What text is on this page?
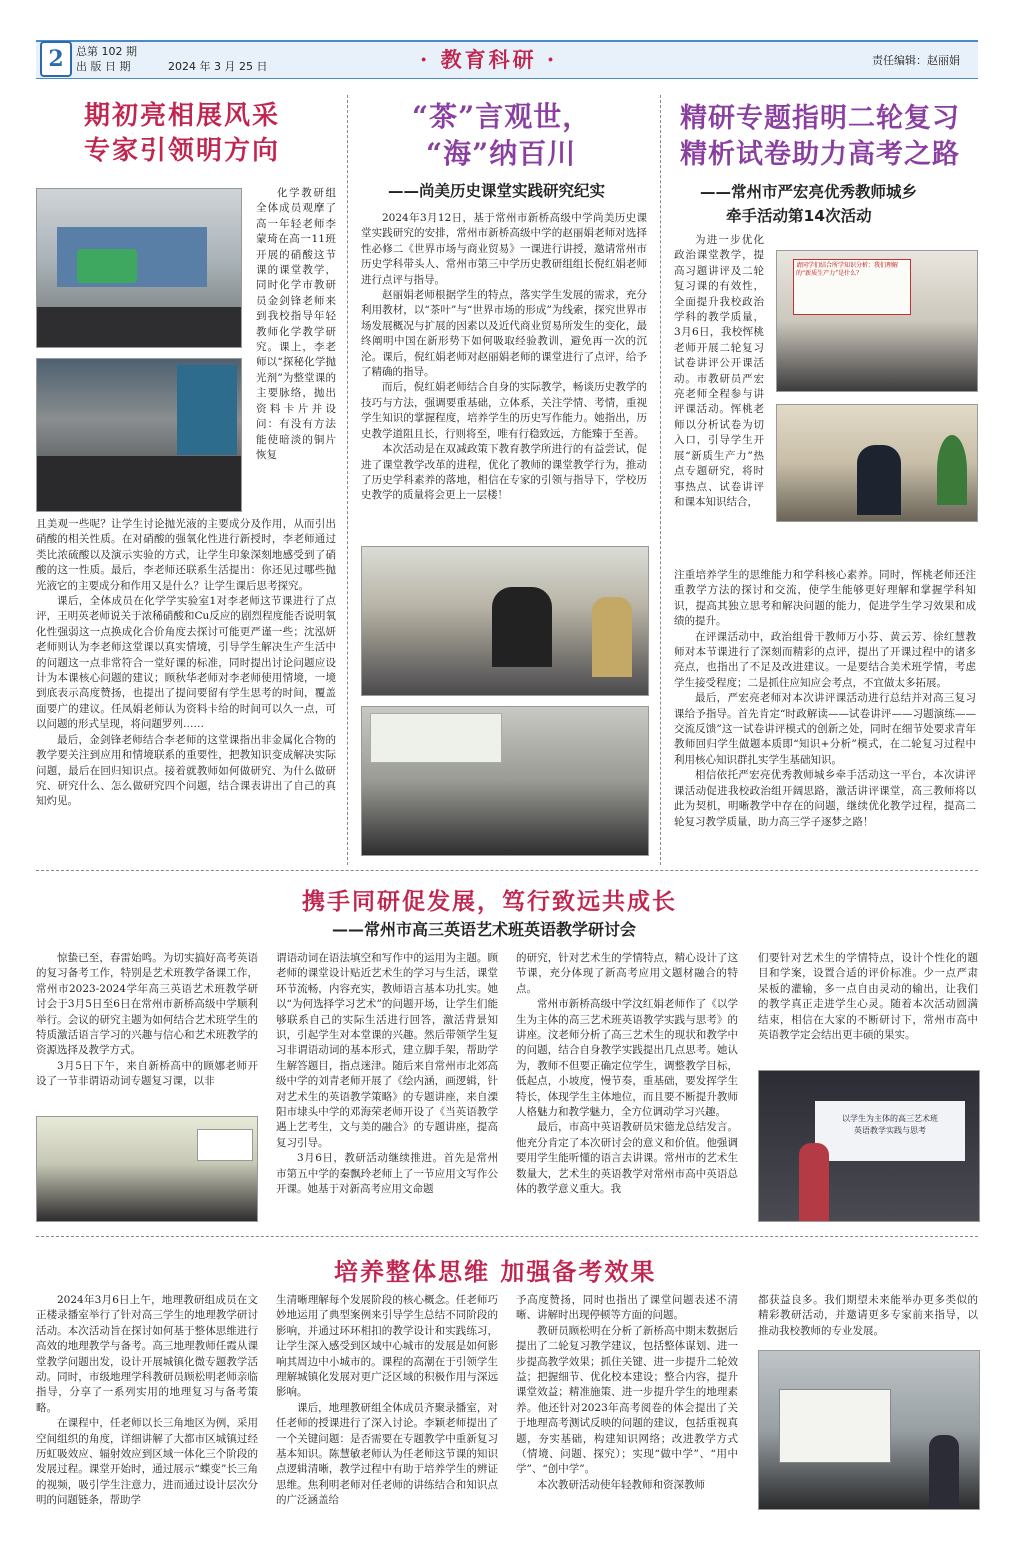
2	总第 102 期
出 版 日 期	2024 年 3 月 25 日	· 教育科研 ·	责任编辑：赵丽娟
期初亮相展风采
专家引领明方向

化学教研组全体成员观摩了高一年轻老师李蒙琦在高一11班开展的硝酸这节课的课堂教学，同时化学市教研员金剑锋老师来到我校指导年轻教师化学教学研究。课上，李老师以“探秘化学抛光剂”为整堂课的主要脉络，抛出资料卡片并设问：有没有方法能使暗淡的铜片恢复

且美观一些呢？让学生讨论抛光液的主要成分及作用，从而引出硝酸的相关性质。在对硝酸的强氧化性进行新授时，李老师通过类比浓硫酸以及演示实验的方式，让学生印象深刻地感受到了硝酸的这一性质。最后，李老师还联系生活提出：你还见过哪些抛光液它的主要成分和作用又是什么？让学生课后思考探究。

课后，全体成员在化学学实验室1对李老师这节课进行了点评，王明英老师说关于浓稀硝酸和Cu反应的剧烈程度能否说明氧化性强弱这一点换成化合价角度去探讨可能更严谨一些；沈泓妍老师则认为李老师这堂课以真实情境，引导学生解决生产生活中的问题这一点非常符合一堂好课的标准，同时提出讨论问题应设计为本课核心问题的建议；顾秋华老师对李老师使用情境，一境到底表示高度赞扬，也提出了提问要留有学生思考的时间，覆盖面要广的建议。任凤娟老师认为资料卡给的时间可以久一点，可以问题的形式呈现，将问题罗列……

最后，金剑锋老师结合李老师的这堂课指出非金属化合物的教学要关注到应用和情境联系的重要性，把教知识变成解决实际问题，最后在回归知识点。接着就教师如何做研究、为什么做研究、研究什么、怎么做研究四个问题，结合课表讲出了自己的真知灼见。

“茶”言观世，
“海”纳百川
——尚美历史课堂实践研究纪实

2024年3月12日，基于常州市新桥高级中学尚美历史课堂实践研究的安排，常州市新桥高级中学的赵丽娟老师对选择性必修二《世界市场与商业贸易》一课进行讲授，邀请常州市历史学科带头人、常州市第三中学历史教研组组长倪红娟老师进行点评与指导。

赵丽娟老师根据学生的特点，落实学生发展的需求，充分利用教材，以“茶叶”与“世界市场的形成”为线索，探究世界市场发展概况与扩展的因素以及近代商业贸易所发生的变化，最终阐明中国在新形势下如何吸取经验教训，避免再一次的沉沦。课后，倪红娟老师对赵丽娟老师的课堂进行了点评，给予了精确的指导。

而后，倪红娟老师结合自身的实际教学，畅谈历史教学的技巧与方法，强调要重基础，立体系，关注学情、考情，重视学生知识的掌握程度，培养学生的历史写作能力。她指出，历史教学道阻且长，行则将至，唯有行稳致远，方能臻于至善。

本次活动是在双减政策下教育教学所进行的有益尝试，促进了课堂教学改革的进程，优化了教师的课堂教学行为，推动了历史学科素养的落地，相信在专家的引领与指导下，学校历史教学的质量将会更上一层楼！

精研专题指明二轮复习
精析试卷助力高考之路
——常州市严宏亮优秀教师城乡
牵手活动第14次活动

为进一步优化政治课堂教学，提高习题讲评及二轮复习课的有效性，全面提升我校政治学科的教学质量，3月6日，我校恽桃老师开展二轮复习试卷讲评公开课活动。市教研员严宏亮老师全程参与讲评课活动。恽桃老师以分析试卷为切入口，引导学生开展“新质生产力”热点专题研究，将时事热点、试卷讲评和课本知识结合，

请同学们结合所学知识分析：我们理解的“新质生产力”是什么？

注重培养学生的思维能力和学科核心素养。同时，恽桃老师还注重教学方法的探讨和交流，使学生能够更好理解和掌握学科知识，提高其独立思考和解决问题的能力，促进学生学习效果和成绩的提升。

在评课活动中，政治组骨干教师万小芬、黄云芳、徐红慧教师对本节课进行了深刻而精彩的点评，提出了开课过程中的诸多亮点，也指出了不足及改进建议。一是要结合美术班学情，考虑学生接受程度；二是抓住应知应会考点，不宜做太多拓展。

最后，严宏亮老师对本次讲评课活动进行总结并对高三复习课给予指导。首先肯定“时政解读——试卷讲评——习题演练——交流反馈”这一试卷讲评模式的创新之处，同时在细节处要求青年教师回归学生做题本质即“知识+分析”模式，在二轮复习过程中利用核心知识群扎实学生基础知识。

相信依托严宏亮优秀教师城乡牵手活动这一平台，本次讲评课活动促进我校政治组开阔思路，激活讲评课堂，高三教师将以此为契机，明晰教学中存在的问题，继续优化教学过程，提高二轮复习教学质量，助力高三学子逐梦之路！

携手同研促发展，笃行致远共成长
——常州市高三英语艺术班英语教学研讨会

惊蛰已至，春雷始鸣。为切实搞好高考英语的复习备考工作，特别是艺术班教学备课工作，常州市2023-2024学年高三英语艺术班教学研讨会于3月5日至6日在常州市新桥高级中学顺利举行。会议的研究主题为如何结合艺术班学生的特质激活语言学习的兴趣与信心和艺术班教学的资源选择及教学方式。

3月5日下午，来自新桥高中的顾娜老师开设了一节非谓语动词专题复习课，以非

谓语动词在语法填空和写作中的运用为主题。顾老师的课堂设计贴近艺术生的学习与生活，课堂环节流畅，内容充实，教师语言基本功扎实。她以“为何选择学习艺术”的问题开场，让学生们能够联系自己的实际生活进行回答，激活背景知识，引起学生对本堂课的兴趣。然后带领学生复习非谓语动词的基本形式，建立脚手架，帮助学生解答题目，指点迷津。随后来自常州市北郊高级中学的刘青老师开展了《绘内涵，画逻辑，针对艺术生的英语教学策略》的专题讲座，来自溧阳市埭头中学的邓海荣老师开设了《当英语教学遇上艺考生，文与美的融合》的专题讲座，提高复习引导。

3月6日，教研活动继续推进。首先是常州市第五中学的秦飘玲老师上了一节应用文写作公开课。她基于对新高考应用文命题

的研究，针对艺术生的学情特点，精心设计了这节课，充分体现了新高考应用文题材融合的特点。

常州市新桥高级中学汶红娟老师作了《以学生为主体的高三艺术班英语教学实践与思考》的讲座。汶老师分析了高三艺术生的现状和教学中的问题，结合自身教学实践提出几点思考。她认为，教师不但要正确定位学生，调整教学目标，低起点，小坡度，慢节奏，重基础，要发挥学生特长，体现学生主体地位，而且要不断提升教师人格魅力和教学魅力，全方位调动学习兴趣。

最后，市高中英语教研员宋德龙总结发言。他充分肯定了本次研讨会的意义和价值。他强调要用学生能听懂的语言去讲课。常州市的艺术生数量大，艺术生的英语教学对常州市高中英语总体的教学意义重大。我

们要针对艺术生的学情特点，设计个性化的题目和学案，设置合适的评价标准。少一点严肃呆板的灌输，多一点自由灵动的输出，让我们的教学真正走进学生心灵。随着本次活动圆满结束，相信在大家的不断研讨下，常州市高中英语教学定会结出更丰硕的果实。

以学生为主体的高三艺术班
英语教学实践与思考
培养整体思维 加强备考效果

2024年3月6日上午，地理教研组成员在文正楼录播室举行了针对高三学生的地理教学研讨活动。本次活动旨在探讨如何基于整体思维进行高效的地理教学与备考。高三地理教师任霞从课堂教学问题出发，设计开展城镇化微专题教学活动。同时，市级地理学科教研员顾松明老师亲临指导，分享了一系列实用的地理复习与备考策略。

在课程中，任老师以长三角地区为例，采用空间组织的角度，详细讲解了大都市区城镇过经历虹吸效应、辐射效应到区域一体化三个阶段的发展过程。课堂开始时，通过展示“蝶变”长三角的视频，吸引学生注意力，进而通过设计层次分明的问题链条，帮助学

生清晰理解每个发展阶段的核心概念。任老师巧妙地运用了典型案例来引导学生总结不同阶段的影响，并通过环环相扣的教学设计和实践练习，让学生深入感受到区域中心城市的发展是如何影响其周边中小城市的。课程的高潮在于引领学生理解城镇化发展对更广泛区域的积极作用与深远影响。

课后，地理教研组全体成员齐聚录播室，对任老师的授课进行了深入讨论。李颖老师提出了一个关键问题：是否需要在专题教学中重新复习基本知识。陈慧敏老师认为任老师这节课的知识点逻辑清晰，教学过程中有助于培养学生的辨证思维。焦利明老师对任老师的讲练结合和知识点的广泛涵盖给

予高度赞扬，同时也指出了课堂问题表述不清晰、讲解时出现停顿等方面的问题。

教研员顾松明在分析了新桥高中期末数据后提出了二轮复习教学建议，包括整体谋划、进一步提高教学效果；抓住关键、进一步提升二轮效益；把握细节、优化校本建设；整合内容，提升课堂效益；精准施策、进一步提升学生的地理素养。他还针对2023年高考阅卷的体会提出了关于地理高考测试反映的问题的建议，包括重视真题，夯实基础，构建知识网络；改进教学方式（情境、问题、探究）；实现“做中学”、“用中学”、“创中学”。

本次教研活动使年轻教师和资深教师

都获益良多。我们期望未来能举办更多类似的精彩教研活动，并邀请更多专家前来指导，以推动我校教师的专业发展。
